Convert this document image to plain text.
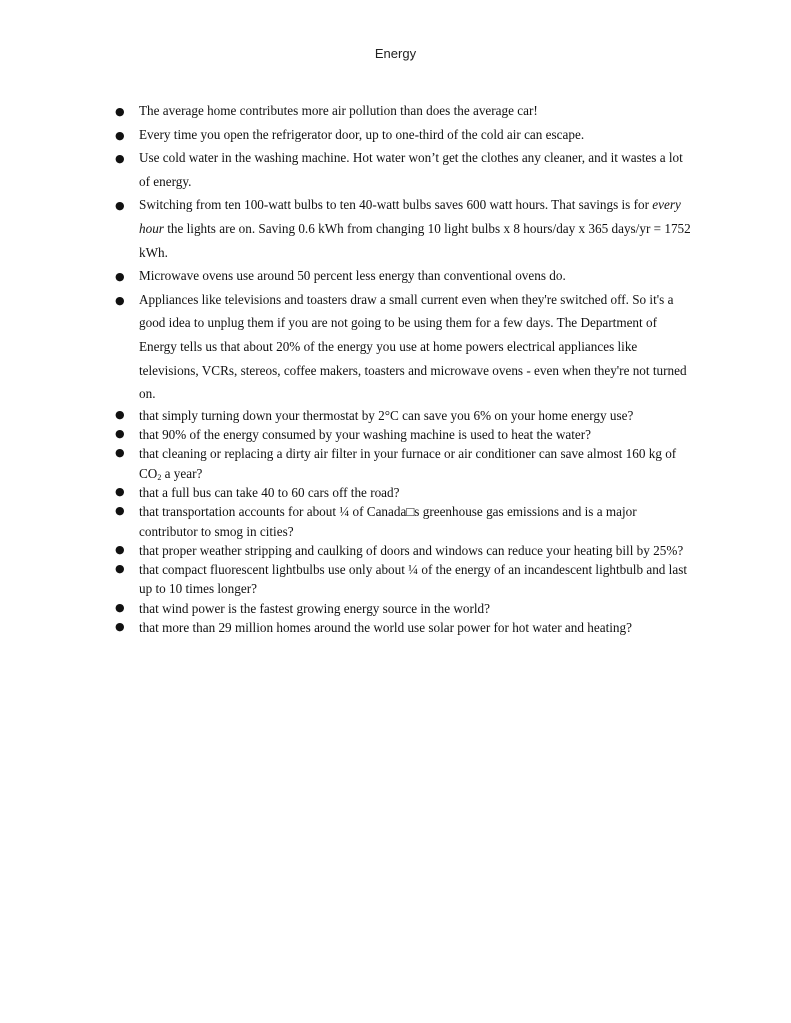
Energy
● The average home contributes more air pollution than does the average car!
● Every time you open the refrigerator door, up to one-third of the cold air can escape.
● Use cold water in the washing machine. Hot water won’t get the clothes any cleaner, and it wastes a lot of energy.
● Switching from ten 100-watt bulbs to ten 40-watt bulbs saves 600 watt hours. That savings is for every hour the lights are on. Saving 0.6 kWh from changing 10 light bulbs x 8 hours/day x 365 days/yr = 1752 kWh.
● Microwave ovens use around 50 percent less energy than conventional ovens do.
● Appliances like televisions and toasters draw a small current even when they're switched off. So it's a good idea to unplug them if you are not going to be using them for a few days. The Department of Energy tells us that about 20% of the energy you use at home powers electrical appliances like televisions, VCRs, stereos, coffee makers, toasters and microwave ovens - even when they're not turned on.
● that simply turning down your thermostat by 2°C can save you 6% on your home energy use?
● that 90% of the energy consumed by your washing machine is used to heat the water?
● that cleaning or replacing a dirty air filter in your furnace or air conditioner can save almost 160 kg of $CO_2$ a year?
● that a full bus can take 40 to 60 cars off the road?
● that transportation accounts for about ¼ of Canada□s greenhouse gas emissions and is a major contributor to smog in cities?
● that proper weather stripping and caulking of doors and windows can reduce your heating bill by 25%?
● that compact fluorescent lightbulbs use only about ¼ of the energy of an incandescent lightbulb and last up to 10 times longer?
● that wind power is the fastest growing energy source in the world?
● that more than 29 million homes around the world use solar power for hot water and heating?
